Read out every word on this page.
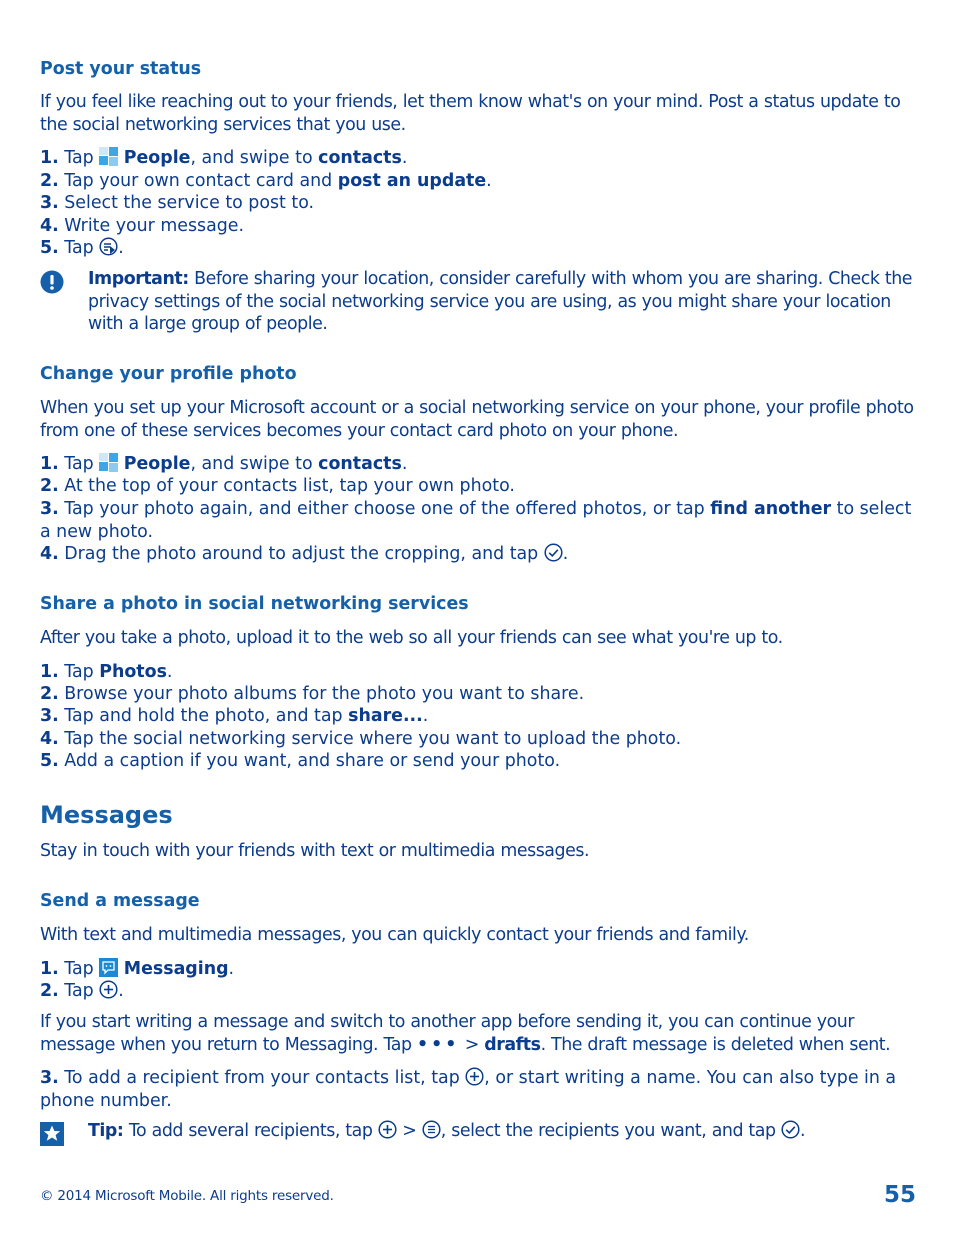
Post your status

If you feel like reaching out to your friends, let them know what's on your mind. Post a status update to the social networking services that you use.

1. Tap People, and swipe to contacts.
2. Tap your own contact card and post an update.
3. Select the service to post to.
4. Write your message.
5. Tap .

Important: Before sharing your location, consider carefully with whom you are sharing. Check the privacy settings of the social networking service you are using, as you might share your location with a large group of people.

Change your profile photo

When you set up your Microsoft account or a social networking service on your phone, your profile photo from one of these services becomes your contact card photo on your phone.

1. Tap People, and swipe to contacts.
2. At the top of your contacts list, tap your own photo.
3. Tap your photo again, and either choose one of the offered photos, or tap find another to select a new photo.
4. Drag the photo around to adjust the cropping, and tap .
Share a photo in social networking services

After you take a photo, upload it to the web so all your friends can see what you're up to.

1. Tap Photos.
2. Browse your photo albums for the photo you want to share.
3. Tap and hold the photo, and tap share....
4. Tap the social networking service where you want to upload the photo.
5. Add a caption if you want, and share or send your photo.
Messages

Stay in touch with your friends with text or multimedia messages.

Send a message

With text and multimedia messages, you can quickly contact your friends and family.

1. Tap Messaging.
2. Tap .

If you start writing a message and switch to another app before sending it, you can continue your message when you return to Messaging. Tap ••• > drafts. The draft message is deleted when sent.

3. To add a recipient from your contacts list, tap , or start writing a name. You can also type in a phone number.

Tip: To add several recipients, tap > , select the recipients you want, and tap .

© 2014 Microsoft Mobile. All rights reserved.	55
